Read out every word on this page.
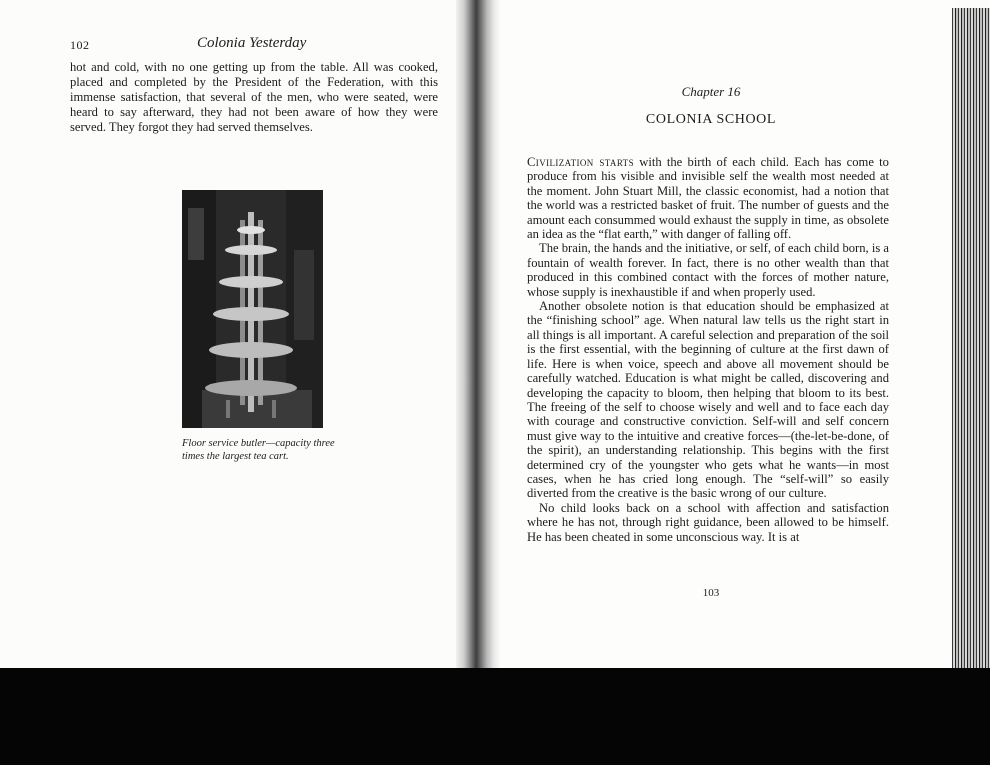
102	Colonia Yesterday

hot and cold, with no one getting up from the table. All was cooked, placed and completed by the President of the Federation, with this immense satisfaction, that several of the men, who were seated, were heard to say afterward, they had not been aware of how they were served. They forgot they had served themselves.

Floor service butler—capacity three times the largest tea cart.

Chapter 16
COLONIA SCHOOL

Civilization starts with the birth of each child. Each has come to produce from his visible and invisible self the wealth most needed at the moment. John Stuart Mill, the classic economist, had a notion that the world was a restricted basket of fruit. The number of guests and the amount each consummed would exhaust the supply in time, as obsolete an idea as the “flat earth,” with danger of falling off.

The brain, the hands and the initiative, or self, of each child born, is a fountain of wealth forever. In fact, there is no other wealth than that produced in this combined contact with the forces of mother nature, whose supply is inexhaustible if and when properly used.

Another obsolete notion is that education should be emphasized at the “finishing school” age. When natural law tells us the right start in all things is all important. A careful selection and preparation of the soil is the first essential, with the beginning of culture at the first dawn of life. Here is when voice, speech and above all movement should be carefully watched. Education is what might be called, discovering and developing the capacity to bloom, then helping that bloom to its best. The freeing of the self to choose wisely and well and to face each day with courage and constructive conviction. Self-will and self concern must give way to the intuitive and creative forces—(the-let-be-done, of the spirit), an understanding relationship. This begins with the first determined cry of the youngster who gets what he wants—in most cases, when he has cried long enough. The “self-will” so easily diverted from the creative is the basic wrong of our culture.

No child looks back on a school with affection and satisfaction where he has not, through right guidance, been allowed to be himself. He has been cheated in some unconscious way. It is at

103
